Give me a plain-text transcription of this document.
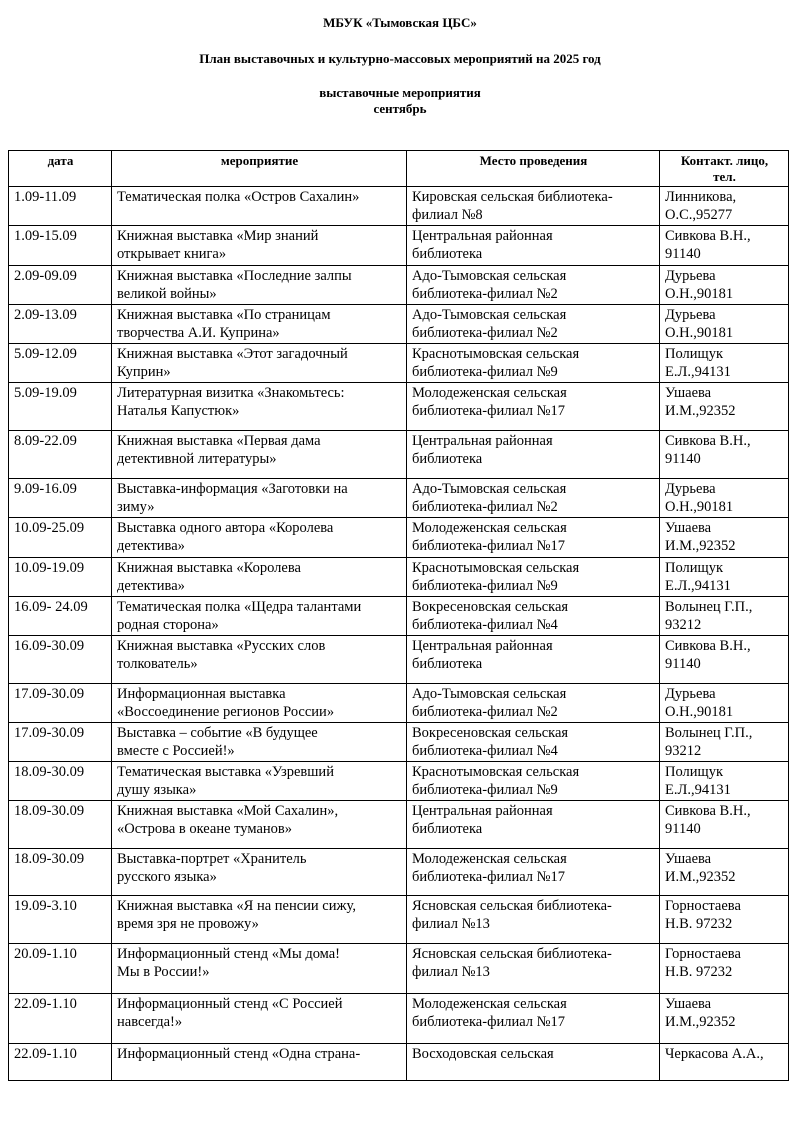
МБУК «Тымовская ЦБС»
План выставочных и культурно-массовых мероприятий на 2025 год
выставочные мероприятия
сентябрь
дата	мероприятие	Место проведения	Контакт. лицо,
тел.
1.09-11.09	Тематическая полка «Остров Сахалин»	Кировская сельская библиотека-
филиал №8	Линникова,
О.С.,95277
1.09-15.09	Книжная выставка «Мир знаний
открывает книга»	Центральная районная
библиотека	Сивкова В.Н.,
91140
2.09-09.09	Книжная выставка «Последние залпы
великой войны»	Адо-Тымовская сельская
библиотека-филиал №2	Дурьева
О.Н.,90181
2.09-13.09	Книжная выставка «По страницам
творчества А.И. Куприна»	Адо-Тымовская сельская
библиотека-филиал №2	Дурьева
О.Н.,90181
5.09-12.09	Книжная выставка «Этот загадочный
Куприн»	Краснотымовская сельская
библиотека-филиал №9	Полищук
Е.Л.,94131
5.09-19.09	Литературная визитка «Знакомьтесь:
Наталья Капустюк»	Молодеженская сельская
библиотека-филиал №17	Ушаева
И.М.,92352
8.09-22.09	Книжная выставка «Первая дама
детективной литературы»	Центральная районная
библиотека	Сивкова В.Н.,
91140
9.09-16.09	Выставка-информация «Заготовки на
зиму»	Адо-Тымовская сельская
библиотека-филиал №2	Дурьева
О.Н.,90181
10.09-25.09	Выставка одного автора «Королева
детектива»	Молодеженская сельская
библиотека-филиал №17	Ушаева
И.М.,92352
10.09-19.09	Книжная выставка «Королева
детектива»	Краснотымовская сельская
библиотека-филиал №9	Полищук
Е.Л.,94131
16.09- 24.09	Тематическая полка «Щедра талантами
родная сторона»	Вокресеновская сельская
библиотека-филиал №4	Волынец Г.П.,
93212
16.09-30.09	Книжная выставка «Русских слов
толкователь»	Центральная районная
библиотека	Сивкова В.Н.,
91140
17.09-30.09	Информационная выставка
«Воссоединение регионов России»	Адо-Тымовская сельская
библиотека-филиал №2	Дурьева
О.Н.,90181
17.09-30.09	Выставка – событие «В будущее
вместе с Россией!»	Вокресеновская сельская
библиотека-филиал №4	Волынец Г.П.,
93212
18.09-30.09	Тематическая выставка «Узревший
душу языка»	Краснотымовская сельская
библиотека-филиал №9	Полищук
Е.Л.,94131
18.09-30.09	Книжная выставка «Мой Сахалин»,
«Острова в океане туманов»	Центральная районная
библиотека	Сивкова В.Н.,
91140
18.09-30.09	Выставка-портрет «Хранитель
русского языка»	Молодеженская сельская
библиотека-филиал №17	Ушаева
И.М.,92352
19.09-3.10	Книжная выставка «Я на пенсии сижу,
время зря не провожу»	Ясновская сельская библиотека-
филиал №13	Горностаева
Н.В. 97232
20.09-1.10	Информационный стенд «Мы дома!
Мы в России!»	Ясновская сельская библиотека-
филиал №13	Горностаева
Н.В. 97232
22.09-1.10	Информационный стенд «С Россией
навсегда!»	Молодеженская сельская
библиотека-филиал №17	Ушаева
И.М.,92352
22.09-1.10	Информационный стенд «Одна страна-	Восходовская сельская	Черкасова А.А.,
